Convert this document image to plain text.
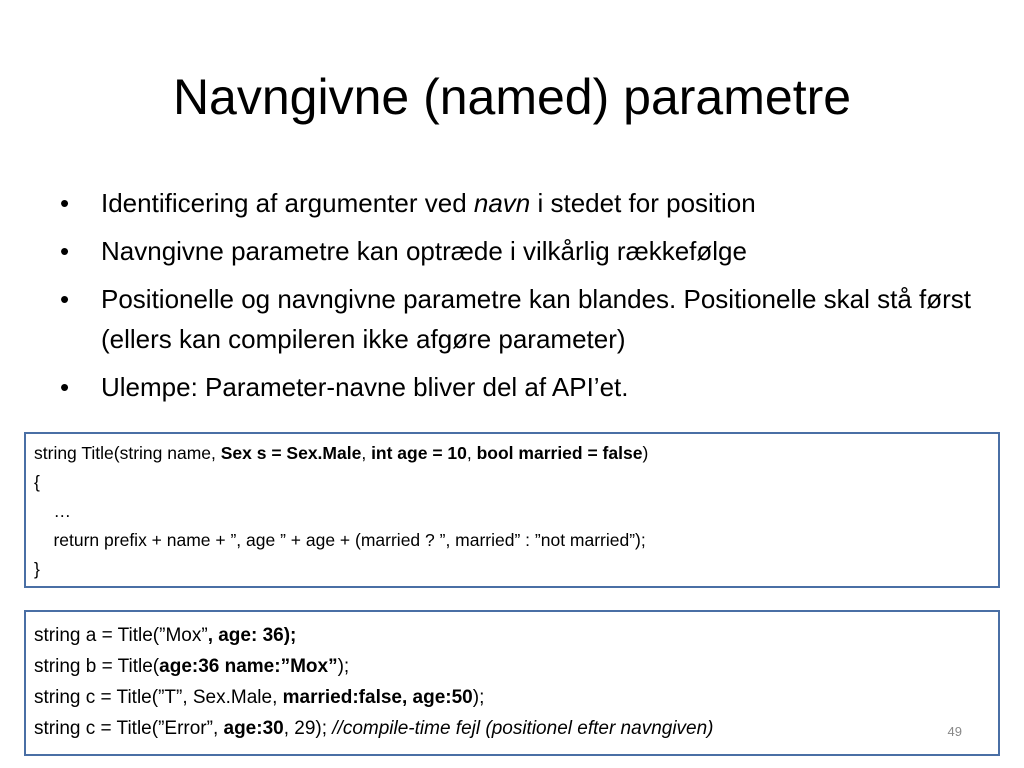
Navngivne (named) parametre
• Identificering af argumenter ved navn i stedet for position
• Navngivne parametre kan optræde i vilkårlig rækkefølge
• Positionelle og navngivne parametre kan blandes. Positionelle skal stå først (ellers kan compileren ikke afgøre parameter)
• Ulempe: Parameter-navne bliver del af API’et.
string Title(string name, Sex s = Sex.Male, int age = 10, bool married = false)
{
…
return prefix + name + ”, age ” + age + (married ? ”, married” : ”not married”);
}
string a = Title(”Mox”, age: 36);
string b = Title(age:36 name:”Mox”);
string c = Title(”T”, Sex.Male, married:false, age:50);
string c = Title(”Error”, age:30, 29); //compile-time fejl (positionel efter navngiven)	49
